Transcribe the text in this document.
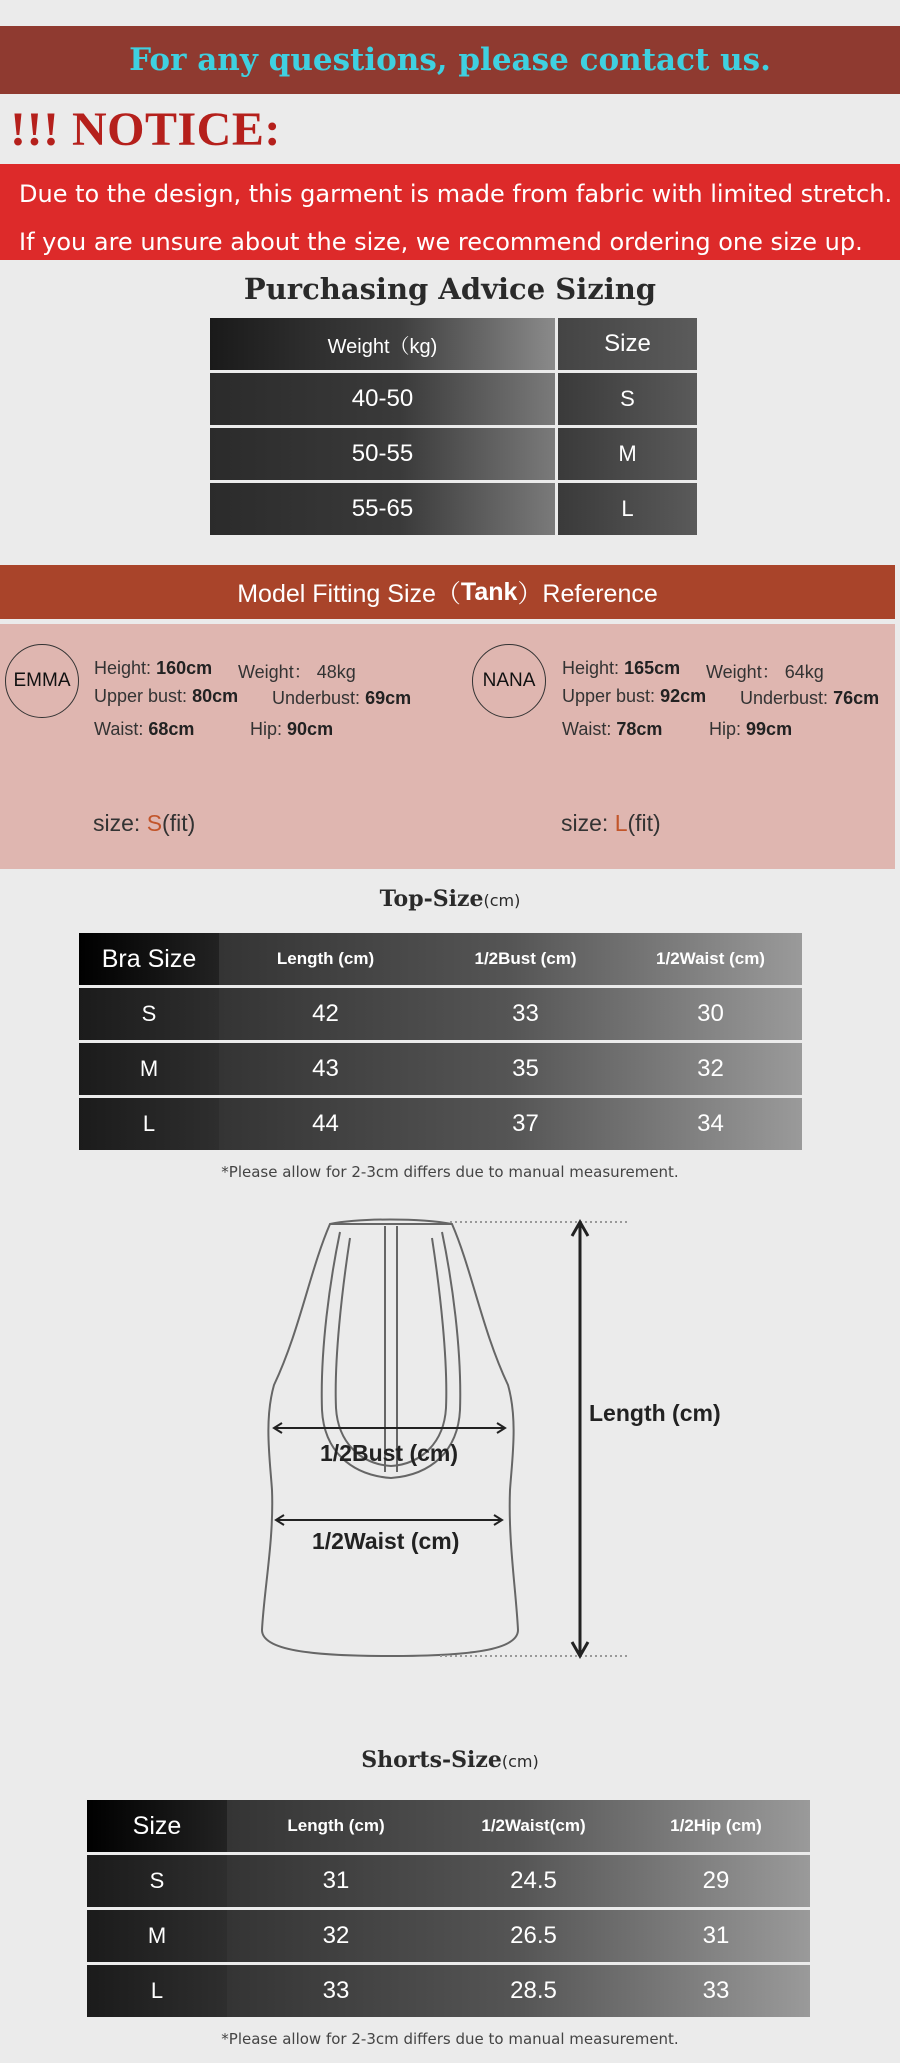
For any questions, please contact us.
!!! NOTICE:
Due to the design, this garment is made from fabric with limited stretch.
If you are unsure about the size, we recommend ordering one size up.
Purchasing Advice Sizing
Weight（kg)	Size
40-50	S
50-55	M
55-65	L
Model Fitting Size（ Tank ）Reference
EMMA
Height: 160cm Weight： 48kg
Upper bust: 80cm Underbust: 69cm
Waist: 68cm	Hip: 90cm
size: S(fit)
NANA
Height: 165cm Weight： 64kg
Upper bust: 92cm Underbust: 76cm
Waist: 78cm	Hip: 99cm
size: L(fit)
Top-Size(cm)
Bra Size	Length (cm)	1/2Bust (cm)	1/2Waist (cm)
S	42	33	30
M	43	35	32
L	44	37	34
*Please allow for 2-3cm differs due to manual measurement.
Length (cm)
1/2Bust (cm)
1/2Waist (cm)
Shorts-Size(cm)
Size	Length (cm)	1/2Waist(cm)	1/2Hip (cm)
S	31	24.5	29
M	32	26.5	31
L	33	28.5	33
*Please allow for 2-3cm differs due to manual measurement.
